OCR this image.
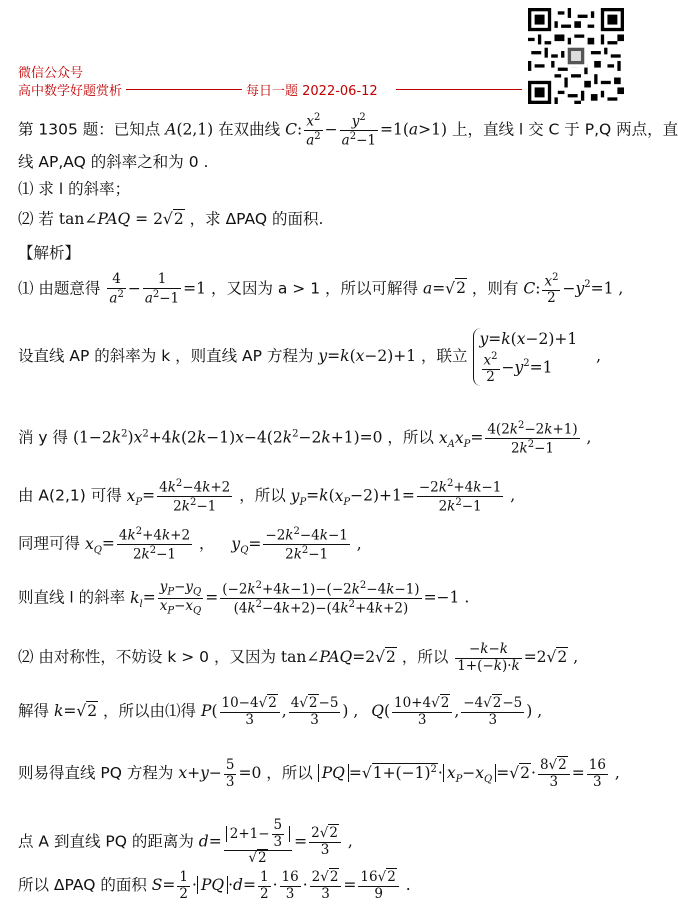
微信公众号
高中数学好题赏析	每日一题 2022-06-12
第 1305 题：已知点 A(2,1) 在双曲线 C: $\frac{x^2}{a^2} - \frac{y^2}{a^2-1} =1(a>1)$ 上，直线 l 交 C 于 P,Q 两点，直
线 AP,AQ 的斜率之和为 0 .
⑴ 求 l 的斜率；
⑵ 若 tan∠PAQ = 2√2 ，求 ΔPAQ 的面积.
【解析】
⑴ 由题意得 $\frac{4}{a^2} - \frac{1}{a^2-1} =1$ ，又因为 a > 1 ，所以可解得 a=√2 ，则有 C: $\frac{x^2}{2} -y^2=1$ ,
设直线 AP 的斜率为 k ，则直线 AP 方程为 y=k(x−2)+1 ，联立
y=k(x−2)+1
$\frac{x^2}{2} -y^2=1$
,
消 y 得 $(1-2k^2)x^2+4k(2k-1)x-4(2k^2-2k+1)=0$ ，所以 $x_Ax_P= \frac{4(2k^2-2k+1)}{2k^2-1}$ ,
由 A(2,1) 可得 $x_P= \frac{4k^2-4k+2}{2k^2-1}$ ，所以 $y_P=k(x_P-2)+1= \frac{-2k^2+4k-1}{2k^2-1}$ ,
同理可得 $x_Q= \frac{4k^2+4k+2}{2k^2-1}$ ， $y_Q= \frac{-2k^2-4k-1}{2k^2-1}$ ,
则直线 l 的斜率 $k_l= \frac{y_P-y_Q}{x_P-x_Q} = \frac{(-2k^2+4k-1)-(-2k^2-4k-1)}{(4k^2-4k+2)-(4k^2+4k+2)} =-1$ .
⑵ 由对称性，不妨设 k > 0 ，又因为 tan∠PAQ=2√2 ，所以 $\frac{-k-k}{1+(-k)\cdot k} =2√2$ ,
解得 k=√2 ，所以由⑴得 $P( \frac{10-4√2}{3}$ , $\frac{4√2-5}{3}$ ) , $Q( \frac{10+4√2}{3}$ , $\frac{-4√2-5}{3}$ ) ,
则易得直线 PQ 方程为 $x+y- \frac{5}{3} =0$ ，所以 PQ $=√1+(-1)^2\cdot x_P-x_Q =√2\cdot \frac{8√2}{3} = \frac{16}{3}$ ,
点 A 到直线 PQ 的距离为 $d= \frac{2+1- \frac{5}{3}}{√2} = \frac{2√2}{3}$ ,
所以 ΔPAQ 的面积 $S= \frac{1}{2}$ · PQ $\cdot d= \frac{1}{2} \cdot \frac{16}{3} \cdot \frac{2√2}{3} = \frac{16√2}{9}$ .
